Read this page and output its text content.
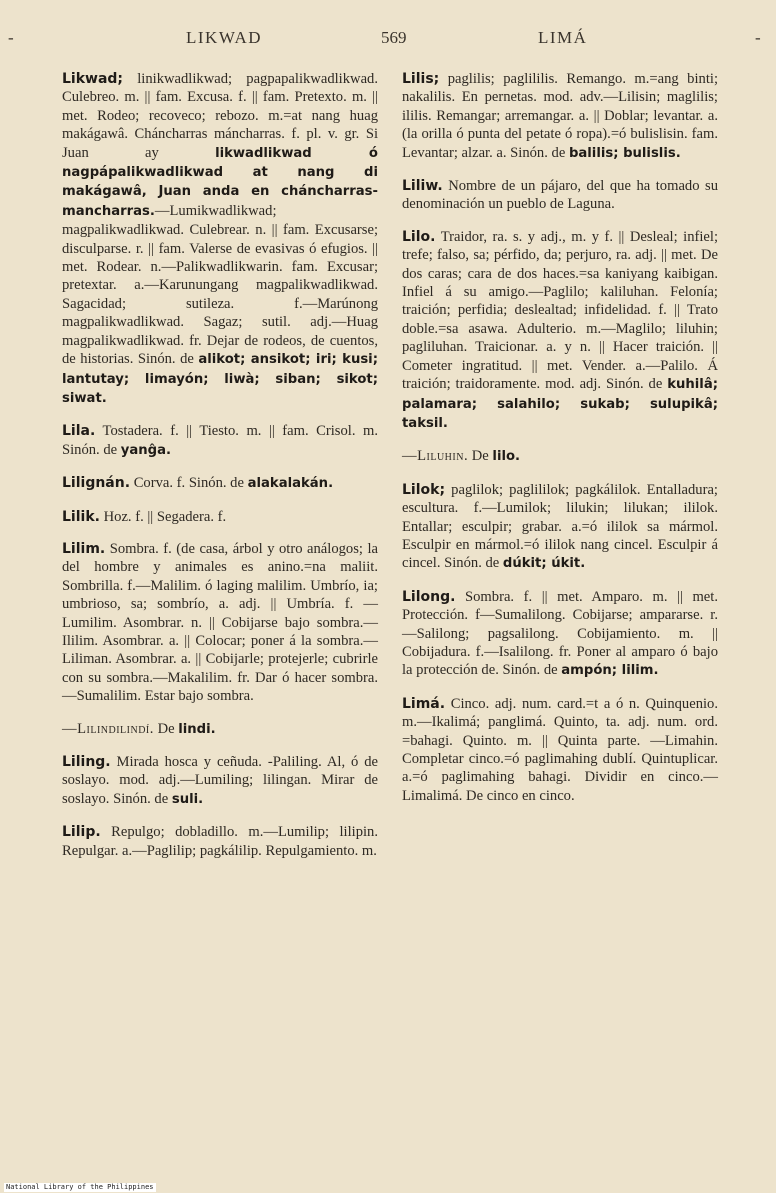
-	LIKWAD	569	LIMÁ	-

Likwad; linikwadlikwad; pagpapalikwadlikwad. Culebreo. m. || fam. Excusa. f. || fam. Pretexto. m. || met. Rodeo; recoveco; rebozo. m.=at nang huag makágawâ. Cháncharras máncharras. f. pl. v. gr. Si Juan ay likwadlikwad ó nagpápalikwadlikwad at nang di makágawâ, Juan anda en cháncharras-mancharras.—Lumikwadlikwad; magpalikwadlikwad. Culebrear. n. || fam. Excusarse; disculparse. r. || fam. Valerse de evasivas ó efugios. || met. Rodear. n.—Palikwadlikwarin. fam. Excusar; pretextar. a.—Karunungang magpalikwadlikwad. Sagacidad; sutileza. f.—Marúnong magpalikwadlikwad. Sagaz; sutil. adj.—Huag magpalikwadlikwad. fr. Dejar de rodeos, de cuentos, de historias. Sinón. de alikot; ansikot; iri; kusi; lantutay; limayón; liwà; siban; sikot; siwat.

Lila. Tostadera. f. || Tiesto. m. || fam. Crisol. m. Sinón. de yanĝa.

Lilignán. Corva. f. Sinón. de alakalakán.

Lilik. Hoz. f. || Segadera. f.

Lilim. Sombra. f. (de casa, árbol y otro análogos; la del hombre y animales es anino.=na maliit. Sombrilla. f.—Malilim. ó laging malilim. Umbrío, ia; umbrioso, sa; sombrío, a. adj. || Umbría. f. — Lumilim. Asombrar. n. || Cobijarse bajo sombra.—Ililim. Asombrar. a. || Colocar; poner á la sombra.—Liliman. Asombrar. a. || Cobijarle; protejerle; cubrirle con su sombra.—Makalilim. fr. Dar ó hacer sombra.—Sumalilim. Estar bajo sombra.

—Lilindilindí. De lindi.

Liling. Mirada hosca y ceñuda. -Paliling. Al, ó de soslayo. mod. adj.—Lumiling; lilingan. Mirar de soslayo. Sinón. de suli.

Lilip. Repulgo; dobladillo. m.—Lumilip; lilipin. Repulgar. a.—Paglilip; pagkálilip. Repulgamiento. m.

Lilis; paglilis; paglililis. Remango. m.=ang binti; nakalilis. En pernetas. mod. adv.—Lilisin; maglilis; ililis. Remangar; arremangar. a. || Doblar; levantar. a. (la orilla ó punta del petate ó ropa).=ó bulislisin. fam. Levantar; alzar. a. Sinón. de balilis; bulislis.

Liliw. Nombre de un pájaro, del que ha tomado su denominación un pueblo de Laguna.

Lilo. Traidor, ra. s. y adj., m. y f. || Desleal; infiel; trefe; falso, sa; pérfido, da; perjuro, ra. adj. || met. De dos caras; cara de dos haces.=sa kaniyang kaibigan. Infiel á su amigo.—Paglilo; kaliluhan. Felonía; traición; perfidia; deslealtad; infidelidad. f. || Trato doble.=sa asawa. Adulterio. m.—Maglilo; liluhin; pagliluhan. Traicionar. a. y n. || Hacer traición. || Cometer ingratitud. || met. Vender. a.—Palilo. Á traición; traidoramente. mod. adj. Sinón. de kuhilâ; palamara; salahilo; sukab; sulupikâ; taksil.

—Liluhin. De lilo.

Lilok; paglilok; paglililok; pagkálilok. Entalladura; escultura. f.—Lumilok; lilukin; lilukan; ililok. Entallar; esculpir; grabar. a.=ó ililok sa mármol. Esculpir en mármol.=ó ililok nang cincel. Esculpir á cincel. Sinón. de dúkit; úkit.

Lilong. Sombra. f. || met. Amparo. m. || met. Protección. f—Sumalilong. Cobijarse; ampararse. r.—Salilong; pagsalilong. Cobijamiento. m. || Cobijadura. f.—Isalilong. fr. Poner al amparo ó bajo la protección de. Sinón. de ampón; lilim.

Limá. Cinco. adj. num. card.=t a ó n. Quinquenio. m.—Ikalimá; panglimá. Quinto, ta. adj. num. ord. =bahagi. Quinto. m. || Quinta parte. —Limahin. Completar cinco.=ó paglimahing dublí. Quintuplicar. a.=ó paglimahing bahagi. Dividir en cinco.—Limalimá. De cinco en cinco.

National Library of the Philippines
